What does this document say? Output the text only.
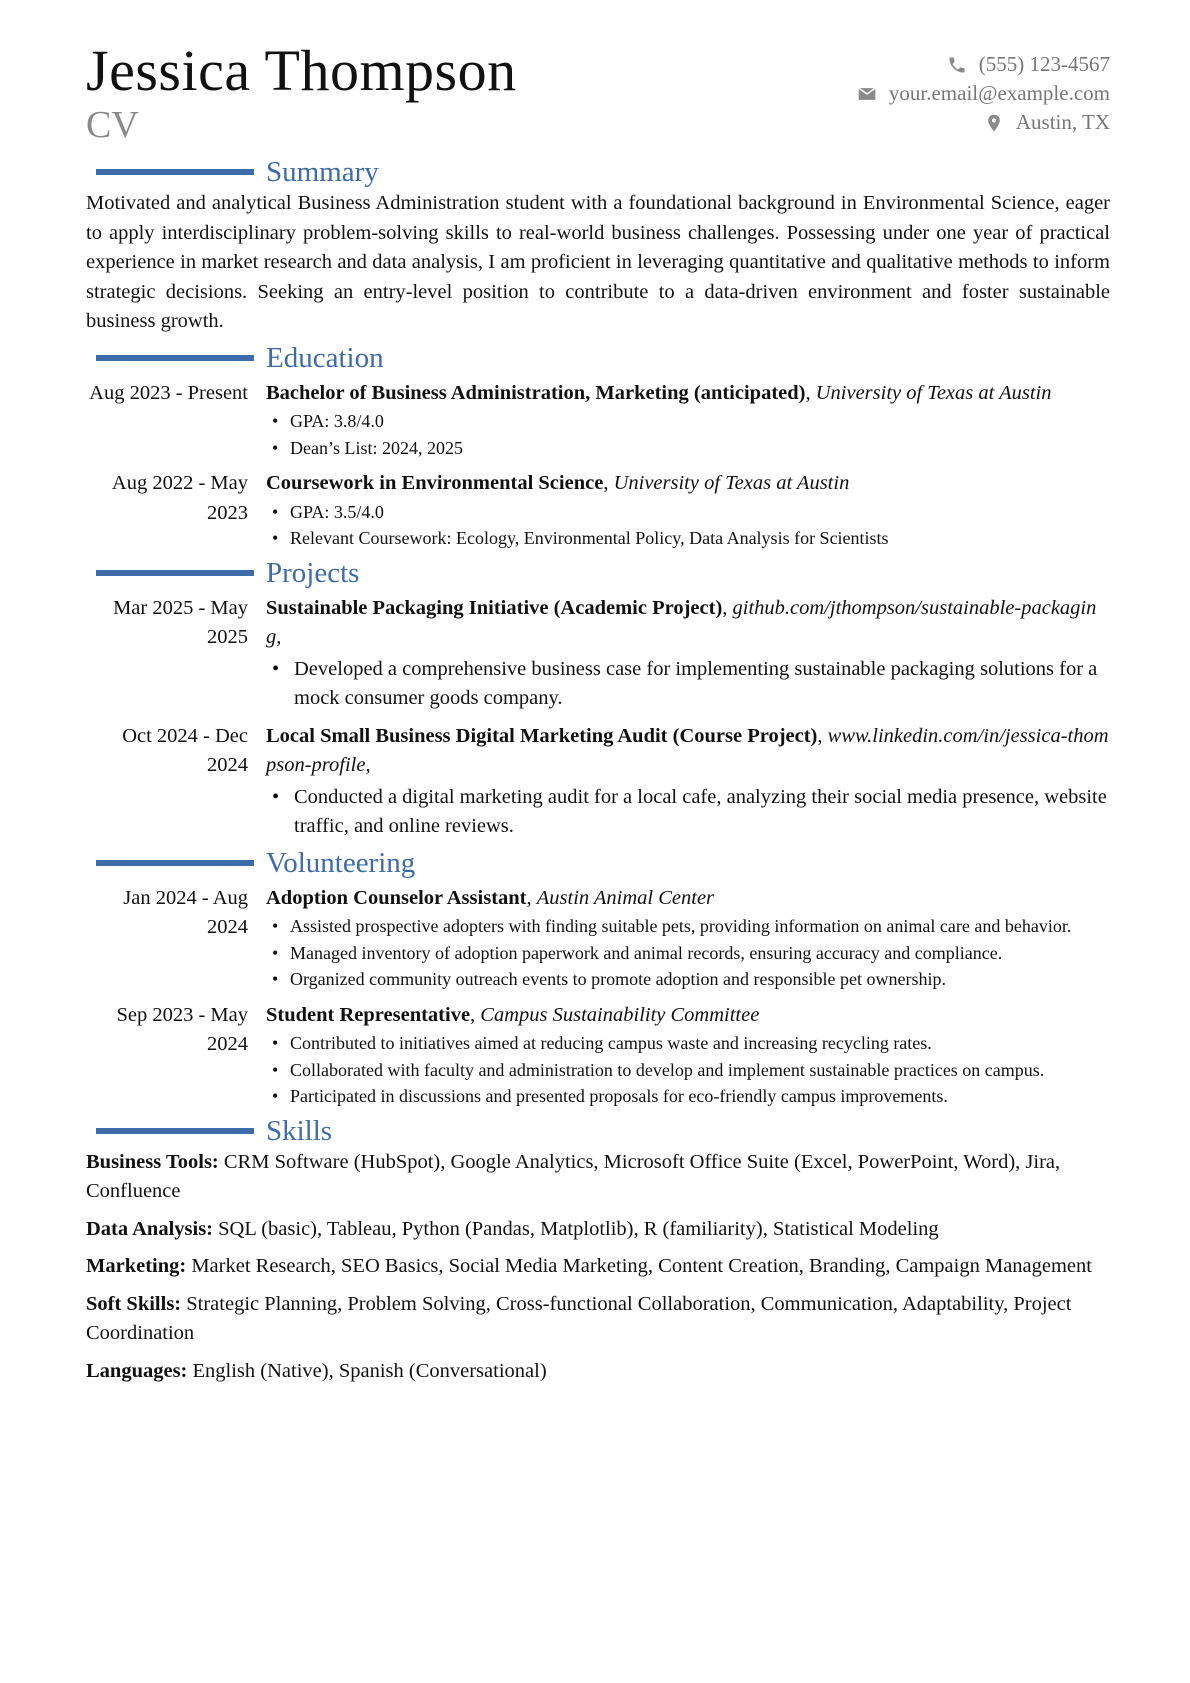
Jessica Thompson
CV
(555) 123-4567
your.email@example.com
Austin, TX
Summary

Motivated and analytical Business Administration student with a foundational background in Environmental Science, eager to apply interdisciplinary problem-solving skills to real-world business challenges. Possessing under one year of practical experience in market research and data analysis, I am proficient in leveraging quantitative and qualitative methods to inform strategic decisions. Seeking an entry-level position to contribute to a data-driven environment and foster sustainable business growth.

Education
Aug 2023 - Present Bachelor of Business Administration, Marketing (anticipated), University of Texas at Austin
• GPA: 3.8/4.0
• Dean’s List: 2024, 2025
Aug 2022 - May 2023
Coursework in Environmental Science, University of Texas at Austin
• GPA: 3.5/4.0
• Relevant Coursework: Ecology, Environmental Policy, Data Analysis for Scientists
Projects
Mar 2025 - May 2025
Sustainable Packaging Initiative (Academic Project), github.com/jthompson/sustainable-packaging,
• Developed a comprehensive business case for implementing sustainable packaging solutions for a mock consumer goods company.
Oct 2024 - Dec 2024
Local Small Business Digital Marketing Audit (Course Project), www.linkedin.com/in/jessica-thompson-profile,
• Conducted a digital marketing audit for a local cafe, analyzing their social media presence, website traffic, and online reviews.
Volunteering
Jan 2024 - Aug 2024
Adoption Counselor Assistant, Austin Animal Center
• Assisted prospective adopters with finding suitable pets, providing information on animal care and behavior.
• Managed inventory of adoption paperwork and animal records, ensuring accuracy and compliance.
• Organized community outreach events to promote adoption and responsible pet ownership.
Sep 2023 - May 2024
Student Representative, Campus Sustainability Committee
• Contributed to initiatives aimed at reducing campus waste and increasing recycling rates.
• Collaborated with faculty and administration to develop and implement sustainable practices on campus.
• Participated in discussions and presented proposals for eco-friendly campus improvements.
Skills

Business Tools: CRM Software (HubSpot), Google Analytics, Microsoft Office Suite (Excel, PowerPoint, Word), Jira, Confluence

Data Analysis: SQL (basic), Tableau, Python (Pandas, Matplotlib), R (familiarity), Statistical Modeling

Marketing: Market Research, SEO Basics, Social Media Marketing, Content Creation, Branding, Campaign Management

Soft Skills: Strategic Planning, Problem Solving, Cross-functional Collaboration, Communication, Adaptability, Project Coordination

Languages: English (Native), Spanish (Conversational)
